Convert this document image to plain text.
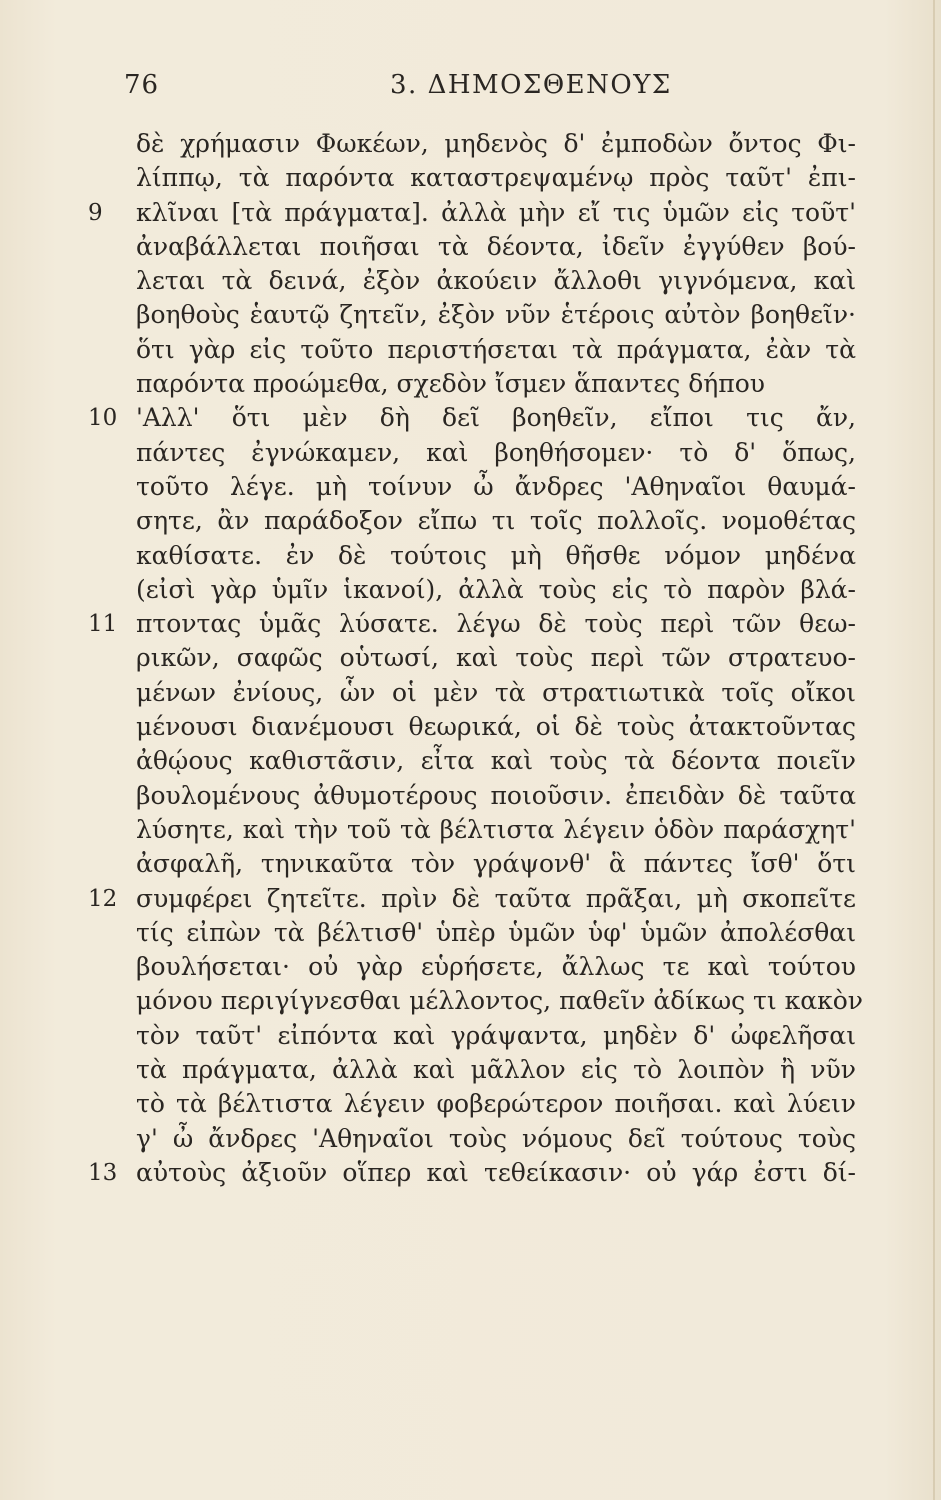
76	3. ΔΗΜΟΣΘΕΝΟΥΣ
δὲ χρήμασιν Φωκέων, μηδενὸς δ' ἐμποδὼν ὄντος Φι-
λίππῳ, τὰ παρόντα καταστρεψαμένῳ πρὸς ταῦτ' ἐπι-
9	κλῖναι [τὰ πράγματα]. ἀλλὰ μὴν εἴ τις ὑμῶν εἰς τοῦτ'
ἀναβάλλεται ποιῆσαι τὰ δέοντα, ἰδεῖν ἐγγύθεν βού-
λεται τὰ δεινά, ἐξὸν ἀκούειν ἄλλοθι γιγνόμενα, καὶ
βοηθοὺς ἑαυτῷ ζητεῖν, ἐξὸν νῦν ἑτέροις αὐτὸν βοηθεῖν·
ὅτι γὰρ εἰς τοῦτο περιστήσεται τὰ πράγματα, ἐὰν τὰ
παρόντα προώμεθα, σχεδὸν ἴσμεν ἅπαντες δήπου
10 'Αλλ' ὅτι μὲν δὴ δεῖ βοηθεῖν, εἴποι τις ἄν,
πάντες ἐγνώκαμεν, καὶ βοηθήσομεν· τὸ δ' ὅπως,
τοῦτο λέγε. μὴ τοίνυν ὦ ἄνδρες 'Αθηναῖοι θαυμά-
σητε, ἂν παράδοξον εἴπω τι τοῖς πολλοῖς. νομοθέτας
καθίσατε. ἐν δὲ τούτοις μὴ θῆσθε νόμον μηδένα
(εἰσὶ γὰρ ὑμῖν ἱκανοί), ἀλλὰ τοὺς εἰς τὸ παρὸν βλά-
11 πτοντας ὑμᾶς λύσατε. λέγω δὲ τοὺς περὶ τῶν θεω-
ρικῶν, σαφῶς οὑτωσί, καὶ τοὺς περὶ τῶν στρατευο-
μένων ἐνίους, ὧν οἱ μὲν τὰ στρατιωτικὰ τοῖς οἴκοι
μένουσι διανέμουσι θεωρικά, οἱ δὲ τοὺς ἀτακτοῦντας
ἀθῴους καθιστᾶσιν, εἶτα καὶ τοὺς τὰ δέοντα ποιεῖν
βουλομένους ἀθυμοτέρους ποιοῦσιν. ἐπειδὰν δὲ ταῦτα
λύσητε, καὶ τὴν τοῦ τὰ βέλτιστα λέγειν ὁδὸν παράσχητ'
ἀσφαλῆ, τηνικαῦτα τὸν γράψονθ' ἃ πάντες ἴσθ' ὅτι
12 συμφέρει ζητεῖτε. πρὶν δὲ ταῦτα πρᾶξαι, μὴ σκοπεῖτε
τίς εἰπὼν τὰ βέλτισθ' ὑπὲρ ὑμῶν ὑφ' ὑμῶν ἀπολέσθαι
βουλήσεται· οὐ γὰρ εὑρήσετε, ἄλλως τε καὶ τούτου
μόνου περιγίγνεσθαι μέλλοντος, παθεῖν ἀδίκως τι κακὸν
τὸν ταῦτ' εἰπόντα καὶ γράψαντα, μηδὲν δ' ὠφελῆσαι
τὰ πράγματα, ἀλλὰ καὶ μᾶλλον εἰς τὸ λοιπὸν ἢ νῦν
τὸ τὰ βέλτιστα λέγειν φοβερώτερον ποιῆσαι. καὶ λύειν
γ' ὦ ἄνδρες 'Αθηναῖοι τοὺς νόμους δεῖ τούτους τοὺς
13 αὐτοὺς ἀξιοῦν οἵπερ καὶ τεθείκασιν· οὐ γάρ ἐστι δί-
